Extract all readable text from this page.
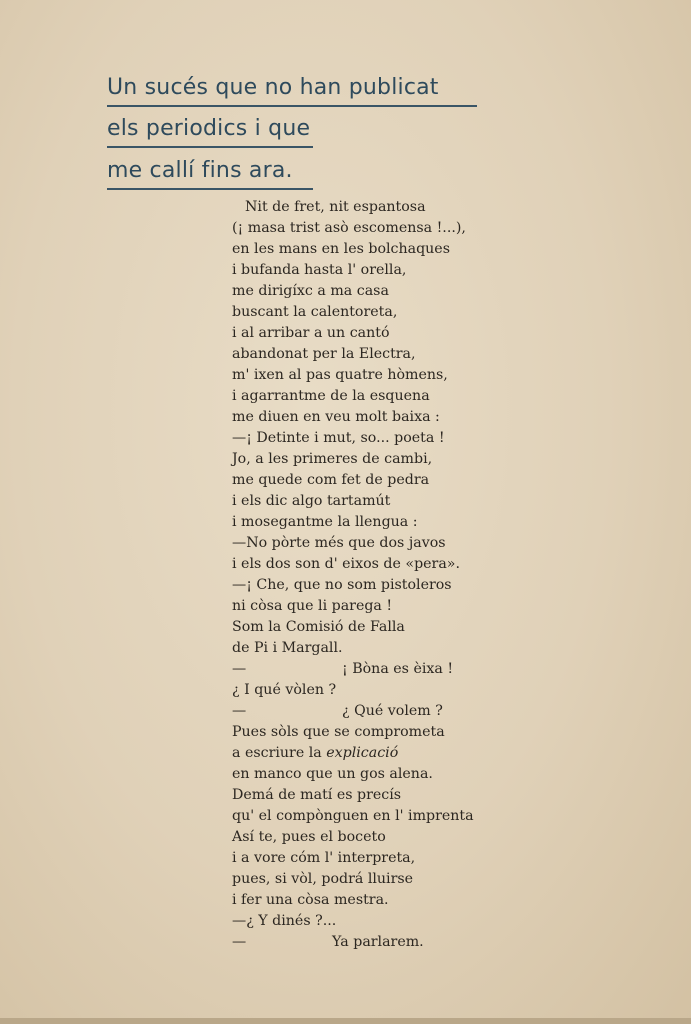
Un sucés que no han publicat
els periodics i que
me callí fins ara.
Nit de fret, nit espantosa
(¡ masa trist asò escomensa !...),
en les mans en les bolchaques
i bufanda hasta l' orella,
me dirigíxc a ma casa
buscant la calentoreta,
i al arribar a un cantó
abandonat per la Electra,
m' ixen al pas quatre hòmens,
i agarrantme de la esquena
me diuen en veu molt baixa :
—¡ Detinte i mut, so... poeta !
Jo, a les primeres de cambi,
me quede com fet de pedra
i els dic algo tartamút
i mosegantme la llengua :
—No pòrte més que dos javos
i els dos son d' eixos de «pera».
—¡ Che, que no som pistoleros
ni còsa que li parega !
Som la Comisió de Falla
de Pi i Margall.
—	¡ Bòna es èixa !
¿ I qué vòlen ?
—	¿ Qué volem ?
Pues sòls que se comprometa
a escriure la explicació
en manco que un gos alena.
Demá de matí es precís
qu' el compònguen en l' imprenta
Así te, pues el boceto
i a vore cóm l' interpreta,
pues, si vòl, podrá lluirse
i fer una còsa mestra.
—¿ Y dinés ?...
—	Ya parlarem.
